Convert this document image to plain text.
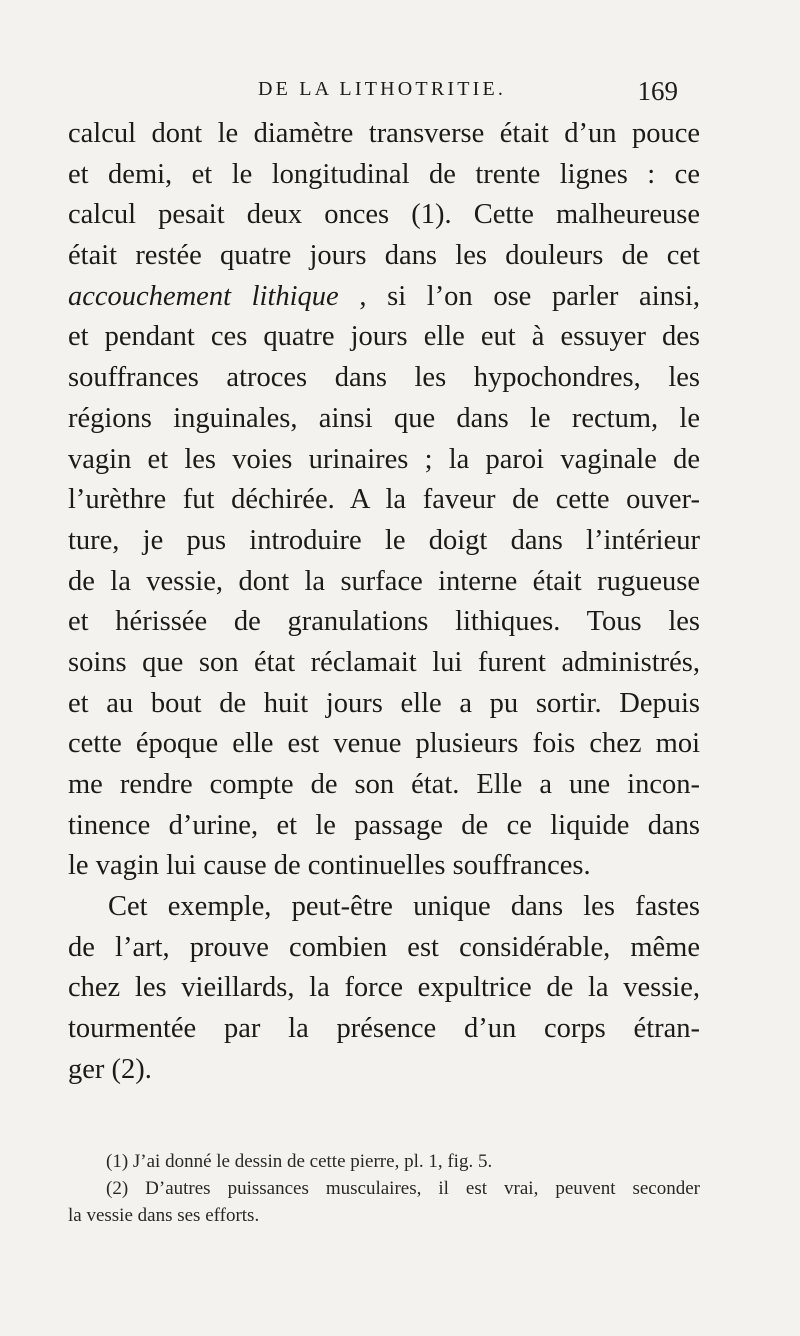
DE LA LITHOTRITIE.	169
calcul dont le diamètre transverse était d’un pouce
et demi, et le longitudinal de trente lignes : ce
calcul pesait deux onces (1). Cette malheureuse
était restée quatre jours dans les douleurs de cet
accouchement lithique , si l’on ose parler ainsi,
et pendant ces quatre jours elle eut à essuyer des
souffrances atroces dans les hypochondres, les
régions inguinales, ainsi que dans le rectum, le
vagin et les voies urinaires ; la paroi vaginale de
l’urèthre fut déchirée. A la faveur de cette ouver-
ture, je pus introduire le doigt dans l’intérieur
de la vessie, dont la surface interne était rugueuse
et hérissée de granulations lithiques. Tous les
soins que son état réclamait lui furent administrés,
et au bout de huit jours elle a pu sortir. Depuis
cette époque elle est venue plusieurs fois chez moi
me rendre compte de son état. Elle a une incon-
tinence d’urine, et le passage de ce liquide dans
le vagin lui cause de continuelles souffrances.
Cet exemple, peut-être unique dans les fastes
de l’art, prouve combien est considérable, même
chez les vieillards, la force expultrice de la vessie,
tourmentée par la présence d’un corps étran-
ger (2).
(1) J’ai donné le dessin de cette pierre, pl. 1, fig. 5.
(2) D’autres puissances musculaires, il est vrai, peuvent seconder
la vessie dans ses efforts.
